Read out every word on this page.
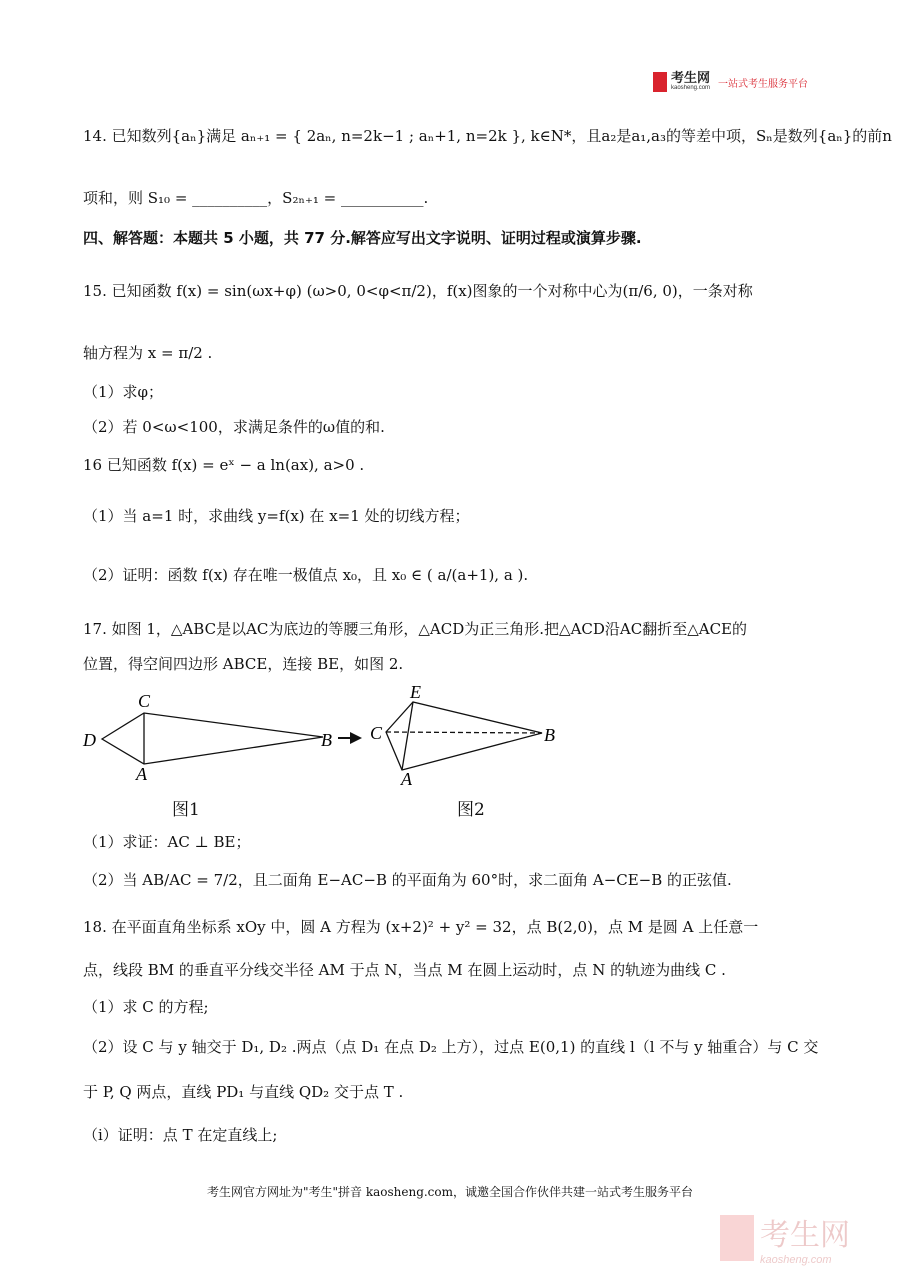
考生网
kaosheng.com 一站式考生服务平台
14. 已知数列{aₙ}满足 aₙ₊₁ = { 2aₙ, n=2k−1 ; aₙ+1, n=2k }, k∈N*，且a₂是a₁,a₃的等差中项，Sₙ是数列{aₙ}的前n
项和，则 S₁₀ = __________，S₂ₙ₊₁ = ___________.
四、解答题：本题共 5 小题，共 77 分.解答应写出文字说明、证明过程或演算步骤.
15. 已知函数 f(x) = sin(ωx+φ) (ω>0, 0<φ<π/2)，f(x)图象的一个对称中心为(π/6, 0)，一条对称
轴方程为 x = π/2 .
（1）求φ；
（2）若 0<ω<100，求满足条件的ω值的和.
16 已知函数 f(x) = eˣ − a ln(ax), a>0 .
（1）当 a=1 时，求曲线 y=f(x) 在 x=1 处的切线方程；
（2）证明：函数 f(x) 存在唯一极值点 x₀，且 x₀ ∈ ( a/(a+1), a ).
17. 如图 1，△ABC是以AC为底边的等腰三角形，△ACD为正三角形.把△ACD沿AC翻折至△ACE的
位置，得空间四边形 ABCE，连接 BE，如图 2.
C
D	B
A
E
C	B
A
图1	图2
（1）求证：AC ⊥ BE；
（2）当 AB/AC = 7/2，且二面角 E−AC−B 的平面角为 60°时，求二面角 A−CE−B 的正弦值.
18. 在平面直角坐标系 xOy 中，圆 A 方程为 (x+2)² + y² = 32，点 B(2,0)，点 M 是圆 A 上任意一
点，线段 BM 的垂直平分线交半径 AM 于点 N，当点 M 在圆上运动时，点 N 的轨迹为曲线 C .
（1）求 C 的方程;
（2）设 C 与 y 轴交于 D₁, D₂ .两点（点 D₁ 在点 D₂ 上方），过点 E(0,1) 的直线 l（l 不与 y 轴重合）与 C 交
于 P, Q 两点，直线 PD₁ 与直线 QD₂ 交于点 T .
（i）证明：点 T 在定直线上;
考生网官方网址为"考生"拼音 kaosheng.com，诚邀全国合作伙伴共建一站式考生服务平台
考生网
kaosheng.com
